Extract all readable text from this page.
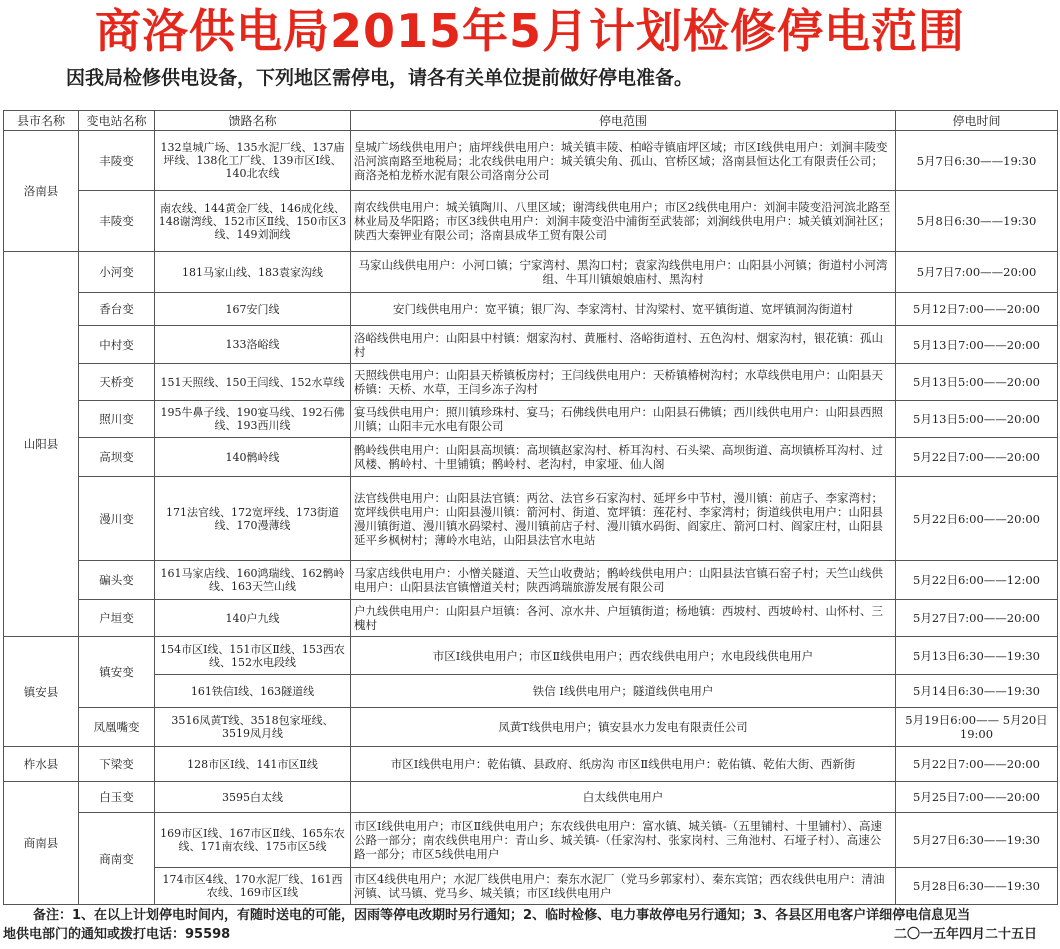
商洛供电局2015年5月计划检修停电范围
因我局检修供电设备，下列地区需停电，请各有关单位提前做好停电准备。
县市名称	变电站名称	馈路名称	停电范围	停电时间
洛南县	丰陵变	132皇城广场、135水泥厂线、137庙坪线、138化工厂线、139市区Ⅰ线、140北农线	皇城广场线供电用户；庙坪线供电用户：城关镇丰陵、柏峪寺镇庙坪区域；市区Ⅰ线供电用户：刘涧丰陵变沿河滨南路至地税局；北农线供电用户：城关镇尖角、孤山、官桥区域；洛南县恒达化工有限责任公司；商洛尧柏龙桥水泥有限公司洛南分公司	5月7日6:30——19:30
	丰陵变	南农线、144黄金厂线、146成化线、148谢湾线、152市区Ⅱ线、150市区3线、149刘涧线	南农线供电用户：城关镇陶川、八里区域；谢湾线供电用户；市区2线供电用户：刘涧丰陵变沿河滨北路至林业局及华阳路；市区3线供电用户：刘涧丰陵变沿中浦街至武装部；刘涧线供电用户：城关镇刘涧社区；陕西大秦钾业有限公司；洛南县成华工贸有限公司	5月8日6:30——19:30
山阳县	小河变	181马家山线、183袁家沟线	马家山线供电用户：小河口镇；宁家湾村、黑沟口村；袁家沟线供电用户：山阳县小河镇；街道村小河湾组、牛耳川镇娘娘庙村、黑沟村	5月7日7:00——20:00
	香台变	167安门线	安门线供电用户：宽平镇；银厂沟、李家湾村、甘沟梁村、宽平镇街道、宽坪镇洞沟街道村	5月12日7:00——20:00
	中村变	133洛峪线	洛峪线供电用户：山阳县中村镇：烟家沟村、黄雁村、洛峪街道村、五色沟村、烟家沟村，银花镇：孤山村	5月13日7:00——20:00
	天桥变	151天照线、150王闫线、152水草线	天照线供电用户：山阳县天桥镇板房村；王闫线供电用户：天桥镇椿树沟村；水草线供电用户：山阳县天桥镇：天桥、水草，王闫乡冻子沟村	5月13日5:00——20:00
	照川变	195牛鼻子线、190宴马线、192石佛线、193西川线	宴马线供电用户：照川镇珍珠村、宴马；石佛线供电用户：山阳县石佛镇；西川线供电用户：山阳县西照川镇；山阳丰元水电有限公司	5月13日5:00——20:00
	高坝变	140鹘岭线	鹘岭线供电用户：山阳县高坝镇：高坝镇赵家沟村、桥耳沟村、石头梁、高坝街道、高坝镇桥耳沟村、过风楼、鹘岭村、十里铺镇；鹘岭村、老沟村，申家垭、仙人阁	5月22日7:00——20:00
	漫川变	171法官线、172宽坪线、173街道线、170漫薄线	法官线供电用户：山阳县法官镇：两岔、法官乡石家沟村、延坪乡中节村，漫川镇：前店子、李家湾村；宽坪线供电用户：山阳县漫川镇：箭河村、街道、宽坪镇：莲花村、李家湾村；街道线供电用户：山阳县漫川镇街道、漫川镇水码梁村、漫川镇前店子村、漫川镇水码街、阎家庄、箭河口村、阎家庄村，山阳县延平乡枫树村；薄岭水电站，山阳县法官水电站	5月22日6:00——20:00
	碥头变	161马家店线、160鸿瑞线、162鹘岭线、163天竺山线	马家店线供电用户：小憎关隧道、天竺山收费站；鹘岭线供电用户：山阳县法官镇石窑子村；天竺山线供电用户：山阳县法官镇憎道关村；陕西鸿瑞旅游发展有限公司	5月22日6:00——12:00
	户垣变	140户九线	户九线供电用户：山阳县户垣镇：各河、凉水井、户垣镇街道；杨地镇：西坡村、西坡岭村、山怀村、三槐村	5月27日7:00——20:00
镇安县	镇安变	154市区Ⅰ线、151市区Ⅱ线、153西农线、152水电段线	市区Ⅰ线供电用户；市区Ⅱ线供电用户；西农线供电用户；水电段线供电用户	5月13日6:30——19:30
		161铁信Ⅰ线、163隧道线	铁信 Ⅰ线供电用户；隧道线供电用户	5月14日6:30——19:30
	凤凰嘴变	3516凤黄T线、3518包家垭线、3519凤月线	凤黄T线供电用户；镇安县水力发电有限责任公司	5月19日6:00—— 5月20日19:00
柞水县	下梁变	128市区Ⅰ线、141市区Ⅱ线	市区Ⅰ线供电用户：乾佑镇、县政府、纸房沟 市区Ⅱ线供电用户：乾佑镇、乾佑大街、西新街	5月22日7:00——20:00
商南县	白玉变	3595白太线	白太线供电用户	5月25日7:00——20:00
	商南变	169市区Ⅰ线、167市区Ⅱ线、165东农线、171南农线、175市区5线	市区Ⅰ线供电用户；市区Ⅱ线供电用户；东农线供电用户：富水镇、城关镇-（五里铺村、十里铺村）、高速公路一部分；南农线供电用户：青山乡、城关镇-（任家沟村、张家岗村、三角池村、石垭子村）、高速公路一部分；市区5线供电用户	5月27日6:30——19:30
		174市区4线、170水泥厂线、161西农线、169市区Ⅰ线	市区4线供电用户；水泥厂线供电用户：秦东水泥厂（党马乡郭家村）、秦东宾馆；西农线供电用户：清油河镇、试马镇、党马乡、城关镇；市区Ⅰ线供电用户	5月28日6:30——19:30
备注：1、在以上计划停电时间内，有随时送电的可能，因雨等停电改期时另行通知；2、临时检修、电力事故停电另行通知；3、各县区用电客户详细停电信息见当
地供电部门的通知或拨打电话：95598	二〇一五年四月二十五日
